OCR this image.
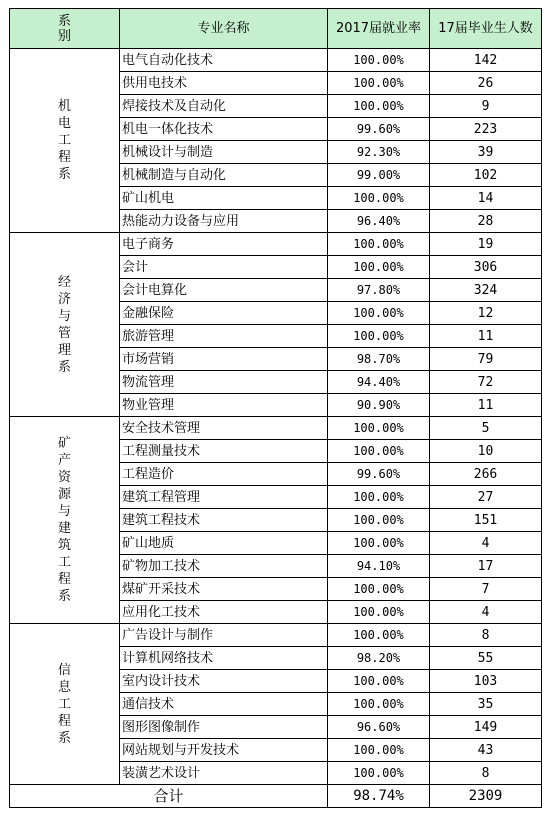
系 别	专业名称	2017届就业率	17届毕业生人数
机电工程系	电气自动化技术	100.00%	142
	供用电技术	100.00%	26
	焊接技术及自动化	100.00%	9
	机电一体化技术	99.60%	223
	机械设计与制造	92.30%	39
	机械制造与自动化	99.00%	102
	矿山机电	100.00%	14
	热能动力设备与应用	96.40%	28
经济与管理系	电子商务	100.00%	19
	会计	100.00%	306
	会计电算化	97.80%	324
	金融保险	100.00%	12
	旅游管理	100.00%	11
	市场营销	98.70%	79
	物流管理	94.40%	72
	物业管理	90.90%	11
矿产资源与建筑工程系	安全技术管理	100.00%	5
	工程测量技术	100.00%	10
	工程造价	99.60%	266
	建筑工程管理	100.00%	27
	建筑工程技术	100.00%	151
	矿山地质	100.00%	4
	矿物加工技术	94.10%	17
	煤矿开采技术	100.00%	7
	应用化工技术	100.00%	4
信息工程系	广告设计与制作	100.00%	8
	计算机网络技术	98.20%	55
	室内设计技术	100.00%	103
	通信技术	100.00%	35
	图形图像制作	96.60%	149
	网站规划与开发技术	100.00%	43
	装潢艺术设计	100.00%	8
合计		98.74%	2309
